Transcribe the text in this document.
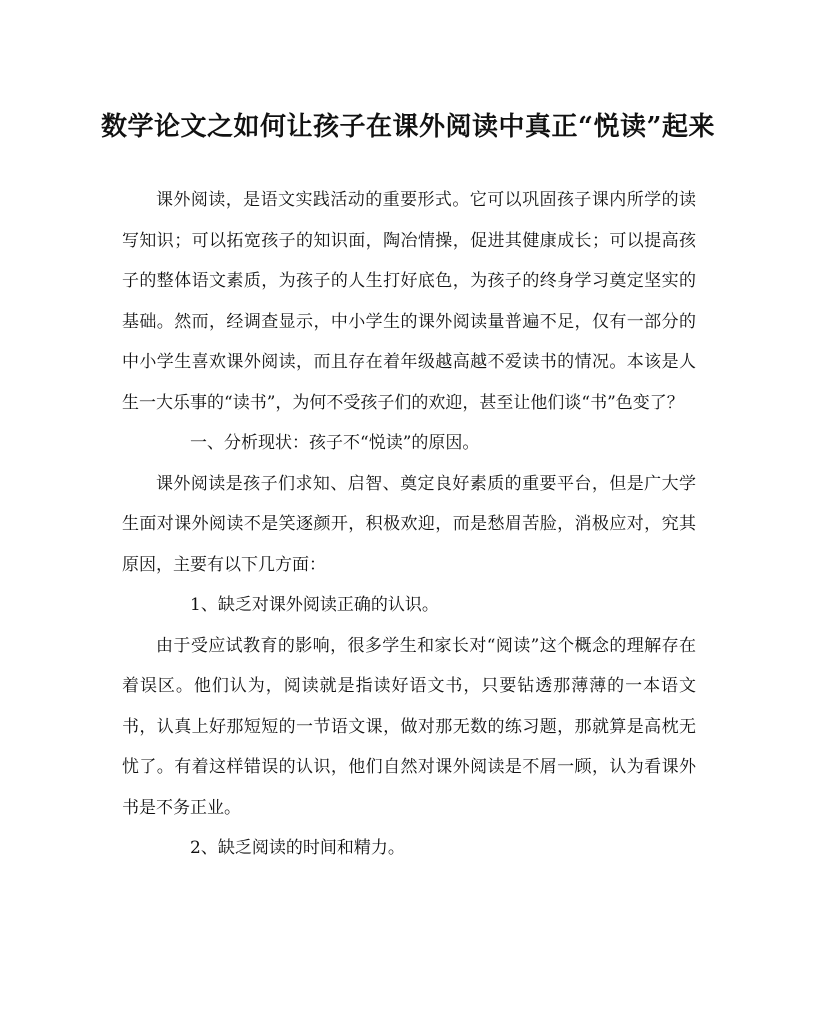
数学论文之如何让孩子在课外阅读中真正“悦读”起来

课外阅读，是语文实践活动的重要形式。它可以巩固孩子课内所学的读写知识；可以拓宽孩子的知识面，陶冶情操，促进其健康成长；可以提高孩子的整体语文素质，为孩子的人生打好底色，为孩子的终身学习奠定坚实的基础。然而，经调查显示，中小学生的课外阅读量普遍不足，仅有一部分的中小学生喜欢课外阅读，而且存在着年级越高越不爱读书的情况。本该是人生一大乐事的“读书”，为何不受孩子们的欢迎，甚至让他们谈“书”色变了？

一、分析现状：孩子不“悦读”的原因。

课外阅读是孩子们求知、启智、奠定良好素质的重要平台，但是广大学生面对课外阅读不是笑逐颜开，积极欢迎，而是愁眉苦脸，消极应对，究其原因，主要有以下几方面：

1、缺乏对课外阅读正确的认识。

由于受应试教育的影响，很多学生和家长对“阅读”这个概念的理解存在着误区。他们认为，阅读就是指读好语文书，只要钻透那薄薄的一本语文书，认真上好那短短的一节语文课，做对那无数的练习题，那就算是高枕无忧了。有着这样错误的认识，他们自然对课外阅读是不屑一顾，认为看课外书是不务正业。

2、缺乏阅读的时间和精力。
